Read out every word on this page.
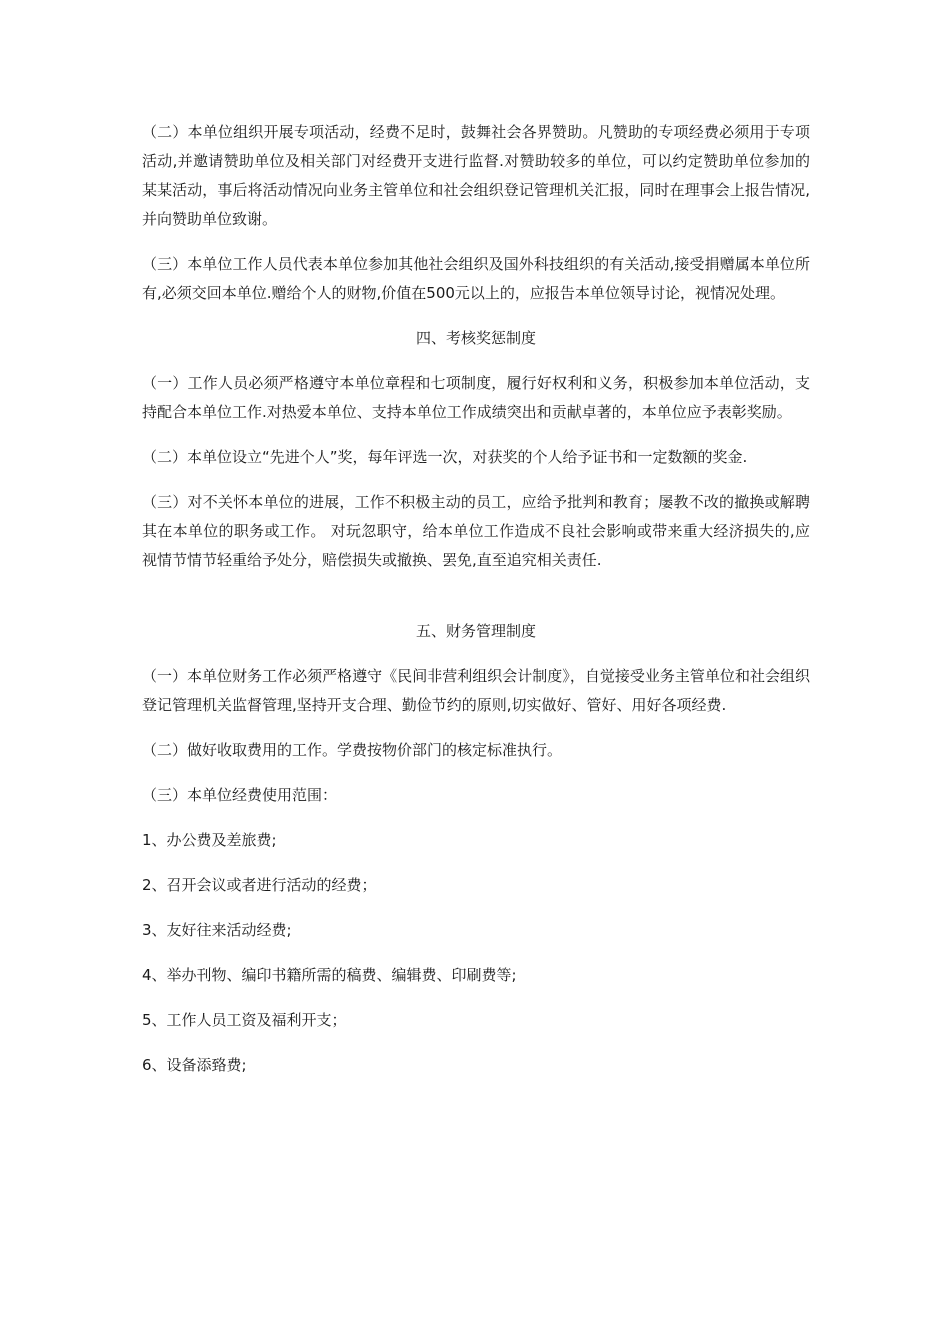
（二）本单位组织开展专项活动，经费不足时，鼓舞社会各界赞助。凡赞助的专项经费必须用于专项活动,并邀请赞助单位及相关部门对经费开支进行监督.对赞助较多的单位，可以约定赞助单位参加的某某活动，事后将活动情况向业务主管单位和社会组织登记管理机关汇报，同时在理事会上报告情况,并向赞助单位致谢。

（三）本单位工作人员代表本单位参加其他社会组织及国外科技组织的有关活动,接受捐赠属本单位所有,必须交回本单位.赠给个人的财物,价值在500元以上的，应报告本单位领导讨论，视情况处理。

四、考核奖惩制度

（一）工作人员必须严格遵守本单位章程和七项制度，履行好权利和义务，积极参加本单位活动，支持配合本单位工作.对热爱本单位、支持本单位工作成绩突出和贡献卓著的，本单位应予表彰奖励。

（二）本单位设立“先进个人”奖，每年评选一次，对获奖的个人给予证书和一定数额的奖金.

（三）对不关怀本单位的进展，工作不积极主动的员工，应给予批判和教育；屡教不改的撤换或解聘其在本单位的职务或工作。 对玩忽职守，给本单位工作造成不良社会影响或带来重大经济损失的,应视情节情节轻重给予处分，赔偿损失或撤换、罢免,直至追究相关责任.

五、财务管理制度

（一）本单位财务工作必须严格遵守《民间非营利组织会计制度》，自觉接受业务主管单位和社会组织登记管理机关监督管理,坚持开支合理、勤俭节约的原则,切实做好、管好、用好各项经费.

（二）做好收取费用的工作。学费按物价部门的核定标准执行。

（三）本单位经费使用范围：

1、办公费及差旅费;
2、召开会议或者进行活动的经费；
3、友好往来活动经费;
4、举办刊物、编印书籍所需的稿费、编辑费、印刷费等;
5、工作人员工资及福利开支；
6、设备添臵费;
